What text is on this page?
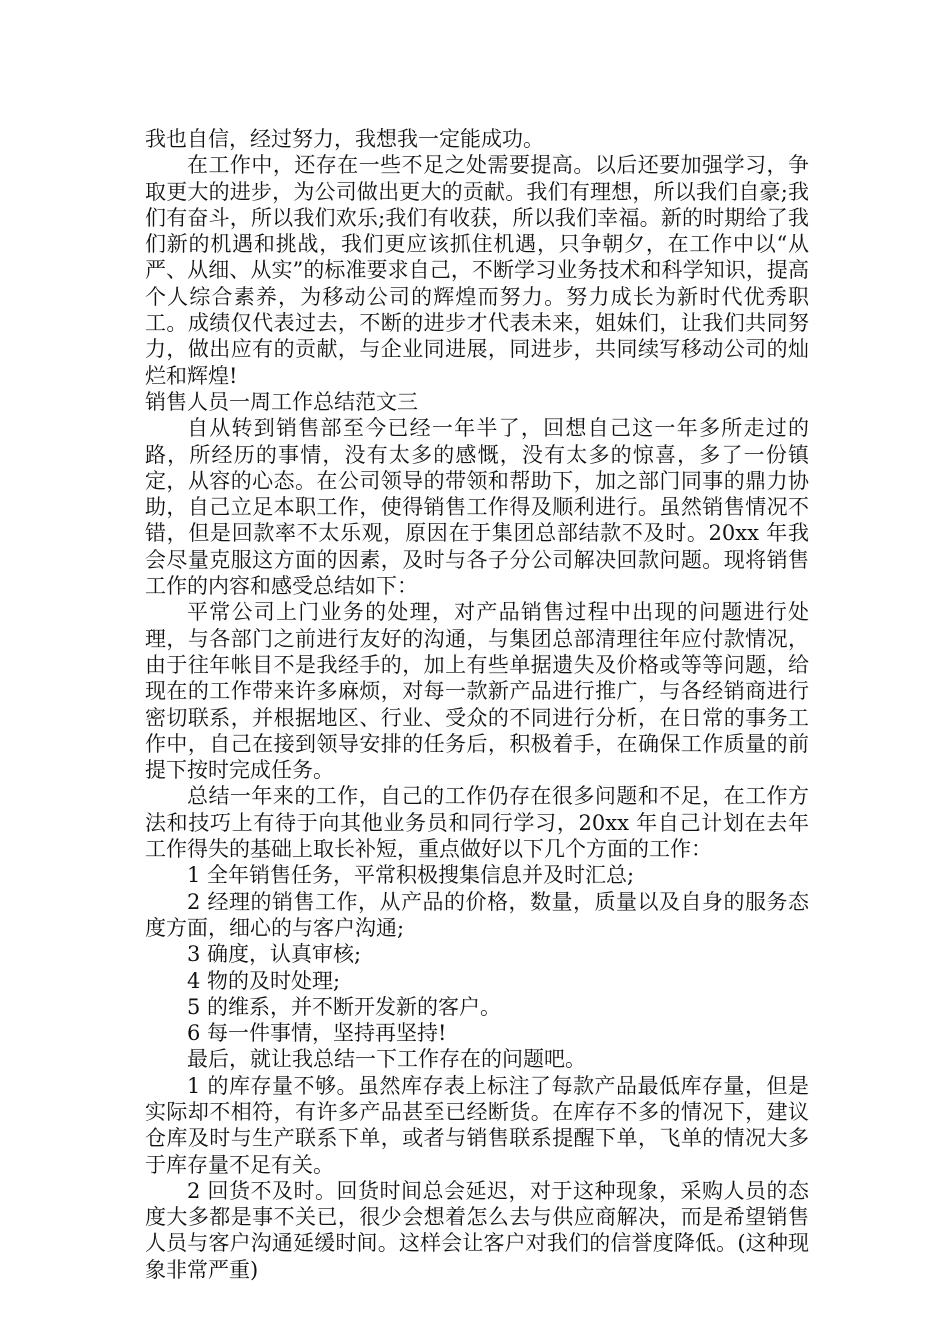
我也自信，经过努力，我想我一定能成功。

在工作中，还存在一些不足之处需要提高。以后还要加强学习，争取更大的进步，为公司做出更大的贡献。我们有理想，所以我们自豪;我们有奋斗，所以我们欢乐;我们有收获，所以我们幸福。新的时期给了我们新的机遇和挑战，我们更应该抓住机遇，只争朝夕，在工作中以“从严、从细、从实”的标准要求自己，不断学习业务技术和科学知识，提高个人综合素养，为移动公司的辉煌而努力。努力成长为新时代优秀职工。成绩仅代表过去，不断的进步才代表未来，姐妹们，让我们共同努力，做出应有的贡献，与企业同进展，同进步，共同续写移动公司的灿烂和辉煌!

销售人员一周工作总结范文三

自从转到销售部至今已经一年半了，回想自己这一年多所走过的路，所经历的事情，没有太多的感慨，没有太多的惊喜，多了一份镇定，从容的心态。在公司领导的带领和帮助下，加之部门同事的鼎力协助，自己立足本职工作，使得销售工作得及顺利进行。虽然销售情况不错，但是回款率不太乐观，原因在于集团总部结款不及时。20xx 年我会尽量克服这方面的因素，及时与各子分公司解决回款问题。现将销售工作的内容和感受总结如下：

平常公司上门业务的处理，对产品销售过程中出现的问题进行处理，与各部门之前进行友好的沟通，与集团总部清理往年应付款情况，由于往年帐目不是我经手的，加上有些单据遗失及价格或等等问题，给现在的工作带来许多麻烦，对每一款新产品进行推广，与各经销商进行密切联系，并根据地区、行业、受众的不同进行分析，在日常的事务工作中，自己在接到领导安排的任务后，积极着手，在确保工作质量的前提下按时完成任务。

总结一年来的工作，自己的工作仍存在很多问题和不足，在工作方法和技巧上有待于向其他业务员和同行学习，20xx 年自己计划在去年工作得失的基础上取长补短，重点做好以下几个方面的工作：

1 全年销售任务，平常积极搜集信息并及时汇总;

2 经理的销售工作，从产品的价格，数量，质量以及自身的服务态度方面，细心的与客户沟通;

3 确度，认真审核;

4 物的及时处理;

5 的维系，并不断开发新的客户。

6 每一件事情，坚持再坚持!

最后，就让我总结一下工作存在的问题吧。

1 的库存量不够。虽然库存表上标注了每款产品最低库存量，但是实际却不相符，有许多产品甚至已经断货。在库存不多的情况下，建议仓库及时与生产联系下单，或者与销售联系提醒下单，飞单的情况大多于库存量不足有关。

2 回货不及时。回货时间总会延迟，对于这种现象，采购人员的态度大多都是事不关已，很少会想着怎么去与供应商解决，而是希望销售人员与客户沟通延缓时间。这样会让客户对我们的信誉度降低。(这种现象非常严重)
